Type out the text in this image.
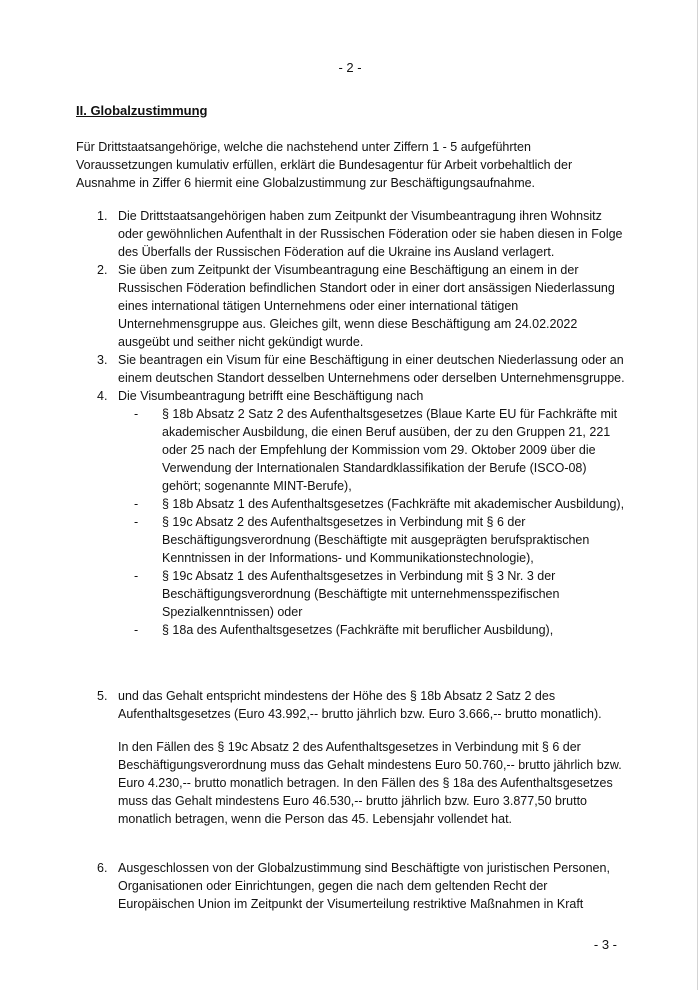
- 2 -
II. Globalzustimmung

Für Drittstaatsangehörige, welche die nachstehend unter Ziffern 1 - 5 aufgeführten Voraussetzungen kumulativ erfüllen, erklärt die Bundesagentur für Arbeit vorbehaltlich der Ausnahme in Ziffer 6 hiermit eine Globalzustimmung zur Beschäftigungsaufnahme.

1. Die Drittstaatsangehörigen haben zum Zeitpunkt der Visumbeantragung ihren Wohnsitz oder gewöhnlichen Aufenthalt in der Russischen Föderation oder sie haben diesen in Folge des Überfalls der Russischen Föderation auf die Ukraine ins Ausland verlagert.
2. Sie üben zum Zeitpunkt der Visumbeantragung eine Beschäftigung an einem in der Russischen Föderation befindlichen Standort oder in einer dort ansässigen Niederlassung eines international tätigen Unternehmens oder einer international tätigen Unternehmensgruppe aus. Gleiches gilt, wenn diese Beschäftigung am 24.02.2022 ausgeübt und seither nicht gekündigt wurde.
3. Sie beantragen ein Visum für eine Beschäftigung in einer deutschen Niederlassung oder an einem deutschen Standort desselben Unternehmens oder derselben Unternehmensgruppe.
4. Die Visumbeantragung betrifft eine Beschäftigung nach
- § 18b Absatz 2 Satz 2 des Aufenthaltsgesetzes (Blaue Karte EU für Fachkräfte mit akademischer Ausbildung, die einen Beruf ausüben, der zu den Gruppen 21, 221 oder 25 nach der Empfehlung der Kommission vom 29. Oktober 2009 über die Verwendung der Internationalen Standardklassifikation der Berufe (ISCO-08) gehört; sogenannte MINT-Berufe),
- § 18b Absatz 1 des Aufenthaltsgesetzes (Fachkräfte mit akademischer Ausbildung),
- § 19c Absatz 2 des Aufenthaltsgesetzes in Verbindung mit § 6 der Beschäftigungsverordnung (Beschäftigte mit ausgeprägten berufspraktischen Kenntnissen in der Informations- und Kommunikationstechnologie),
- § 19c Absatz 1 des Aufenthaltsgesetzes in Verbindung mit § 3 Nr. 3 der Beschäftigungsverordnung (Beschäftigte mit unternehmensspezifischen Spezialkenntnissen) oder
- § 18a des Aufenthaltsgesetzes (Fachkräfte mit beruflicher Ausbildung),
5. und das Gehalt entspricht mindestens der Höhe des § 18b Absatz 2 Satz 2 des Aufenthaltsgesetzes (Euro 43.992,-- brutto jährlich bzw. Euro 3.666,-- brutto monatlich).

In den Fällen des § 19c Absatz 2 des Aufenthaltsgesetzes in Verbindung mit § 6 der Beschäftigungsverordnung muss das Gehalt mindestens Euro 50.760,-- brutto jährlich bzw. Euro 4.230,-- brutto monatlich betragen. In den Fällen des § 18a des Aufenthaltsgesetzes muss das Gehalt mindestens Euro 46.530,-- brutto jährlich bzw. Euro 3.877,50 brutto monatlich betragen, wenn die Person das 45. Lebensjahr vollendet hat.

6. Ausgeschlossen von der Globalzustimmung sind Beschäftigte von juristischen Personen, Organisationen oder Einrichtungen, gegen die nach dem geltenden Recht der Europäischen Union im Zeitpunkt der Visumerteilung restriktive Maßnahmen in Kraft
- 3 -
